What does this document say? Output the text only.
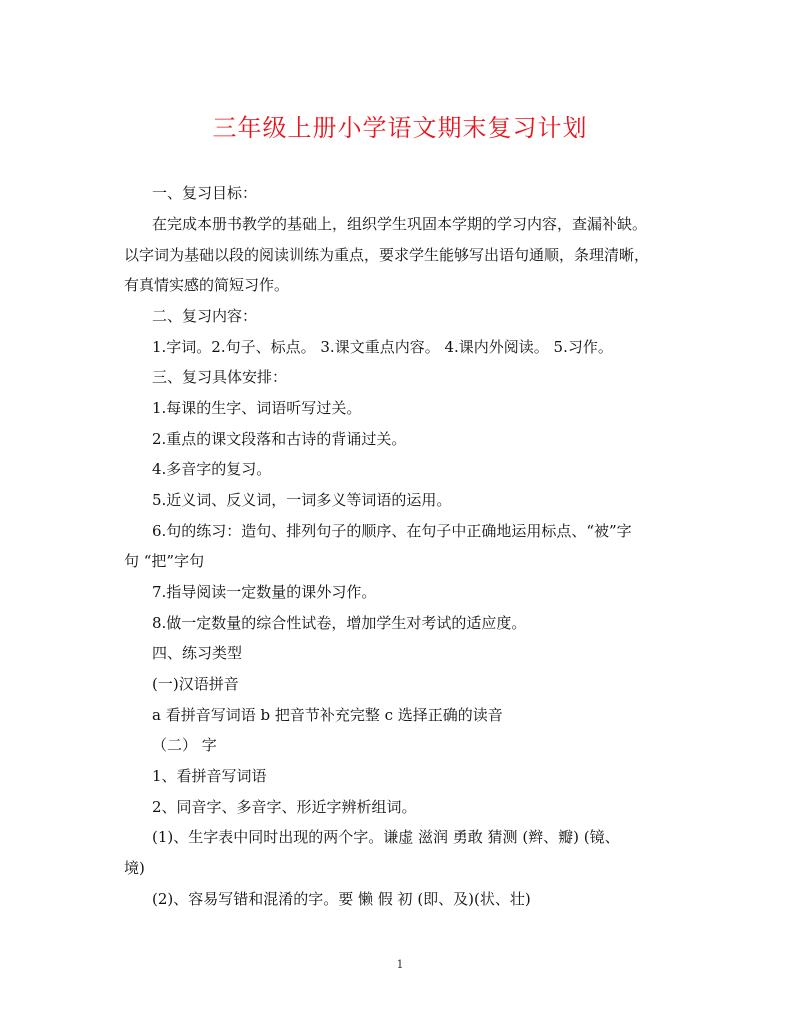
三年级上册小学语文期末复习计划
一、复习目标：
在完成本册书教学的基础上，组织学生巩固本学期的学习内容，查漏补缺。
以字词为基础以段的阅读训练为重点，要求学生能够写出语句通顺，条理清晰，
有真情实感的简短习作。
二、复习内容：
1.字词。2.句子、标点。 3.课文重点内容。 4.课内外阅读。 5.习作。
三、复习具体安排：
1.每课的生字、词语听写过关。
2.重点的课文段落和古诗的背诵过关。
4.多音字的复习。
5.近义词、反义词，一词多义等词语的运用。
6.句的练习：造句、排列句子的顺序、在句子中正确地运用标点、“被”字
句 “把”字句
7.指导阅读一定数量的课外习作。
8.做一定数量的综合性试卷，增加学生对考试的适应度。
四、练习类型
(一)汉语拼音
a 看拼音写词语 b 把音节补充完整 c 选择正确的读音
（二） 字
1、看拼音写词语
2、同音字、多音字、形近字辨析组词。
(1)、生字表中同时出现的两个字。谦虚 滋润 勇敢 猜测 (辫、瓣) (镜、
境)
(2)、容易写错和混淆的字。要 懒 假 初 (即、及)(状、壮)
1
